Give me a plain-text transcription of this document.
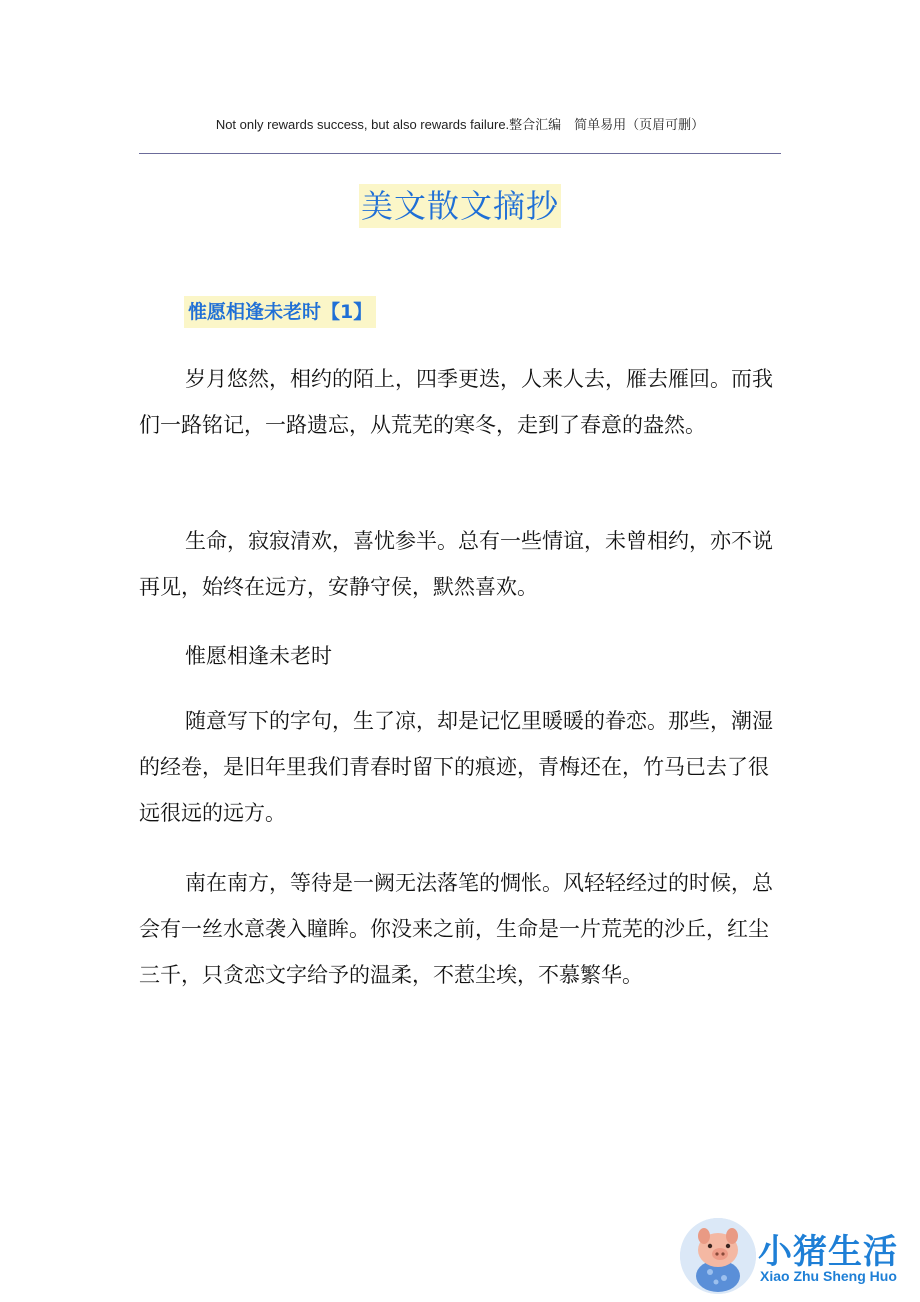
Not only rewards success, but also rewards failure.整合汇编　简单易用（页眉可删）
美文散文摘抄
惟愿相逢未老时【1】

岁月悠然，相约的陌上，四季更迭，人来人去，雁去雁回。而我们一路铭记，一路遗忘，从荒芜的寒冬，走到了春意的盎然。

生命，寂寂清欢，喜忧参半。总有一些情谊，未曾相约，亦不说再见，始终在远方，安静守侯，默然喜欢。

惟愿相逢未老时

随意写下的字句，生了凉，却是记忆里暖暖的眷恋。那些，潮湿的经卷，是旧年里我们青春时留下的痕迹，青梅还在，竹马已去了很远很远的远方。

南在南方，等待是一阙无法落笔的惆怅。风轻轻经过的时候，总会有一丝水意袭入瞳眸。你没来之前，生命是一片荒芜的沙丘，红尘三千，只贪恋文字给予的温柔，不惹尘埃，不慕繁华。

小猪生活
Xiao Zhu Sheng Huo
